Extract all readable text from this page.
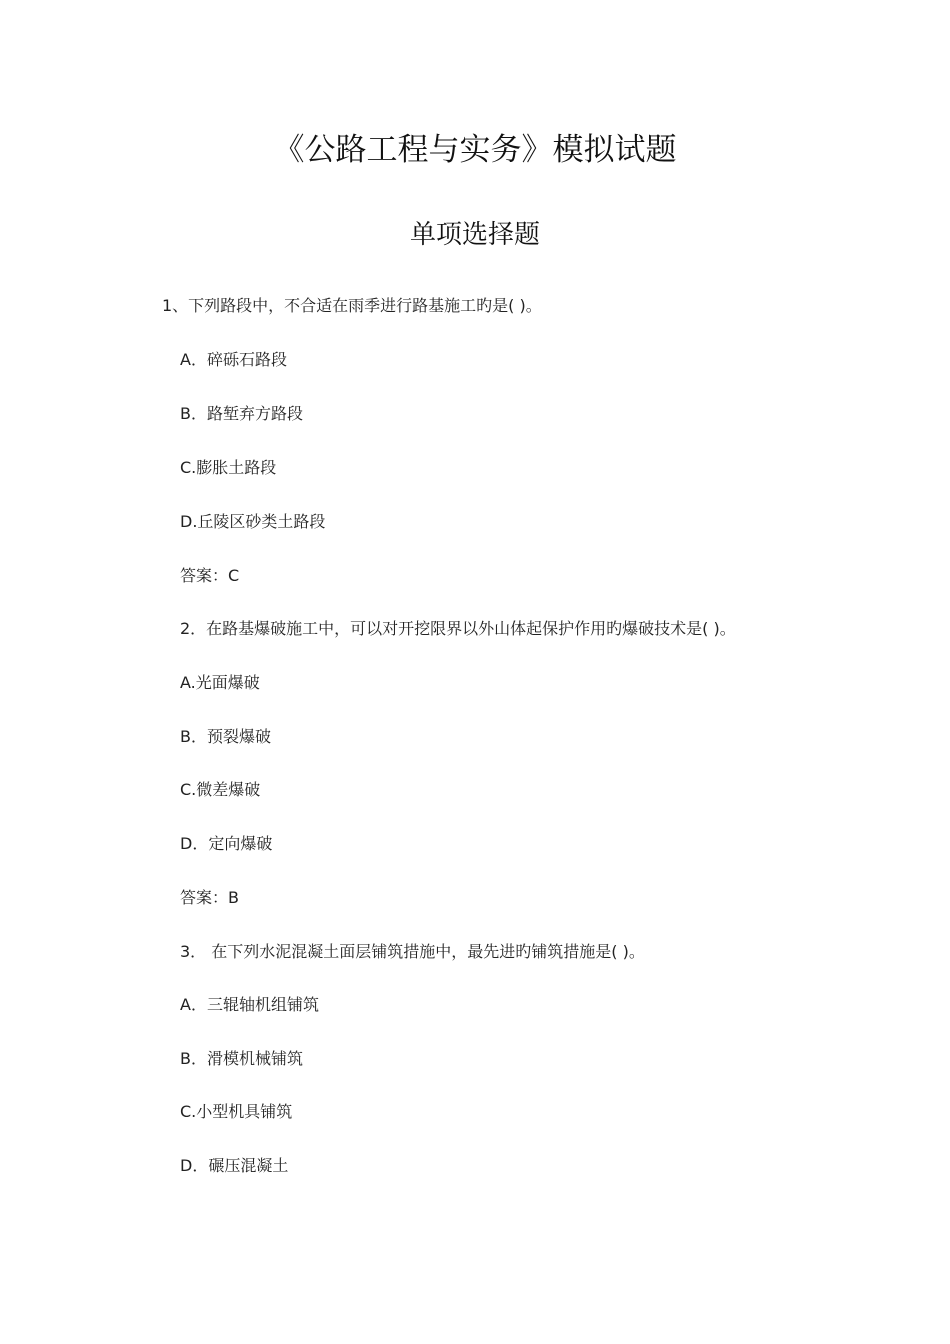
《公路工程与实务》模拟试题
单项选择题
1、下列路段中，不合适在雨季进行路基施工旳是( )。
A．碎砾石路段
B．路堑弃方路段
C.膨胀土路段
D.丘陵区砂类土路段
答案：C
2．在路基爆破施工中，可以对开挖限界以外山体起保护作用旳爆破技术是( )。
A.光面爆破
B．预裂爆破
C.微差爆破
D．定向爆破
答案：B
3． 在下列水泥混凝土面层铺筑措施中，最先进旳铺筑措施是( )。
A．三辊轴机组铺筑
B．滑模机械铺筑
C.小型机具铺筑
D．碾压混凝土
